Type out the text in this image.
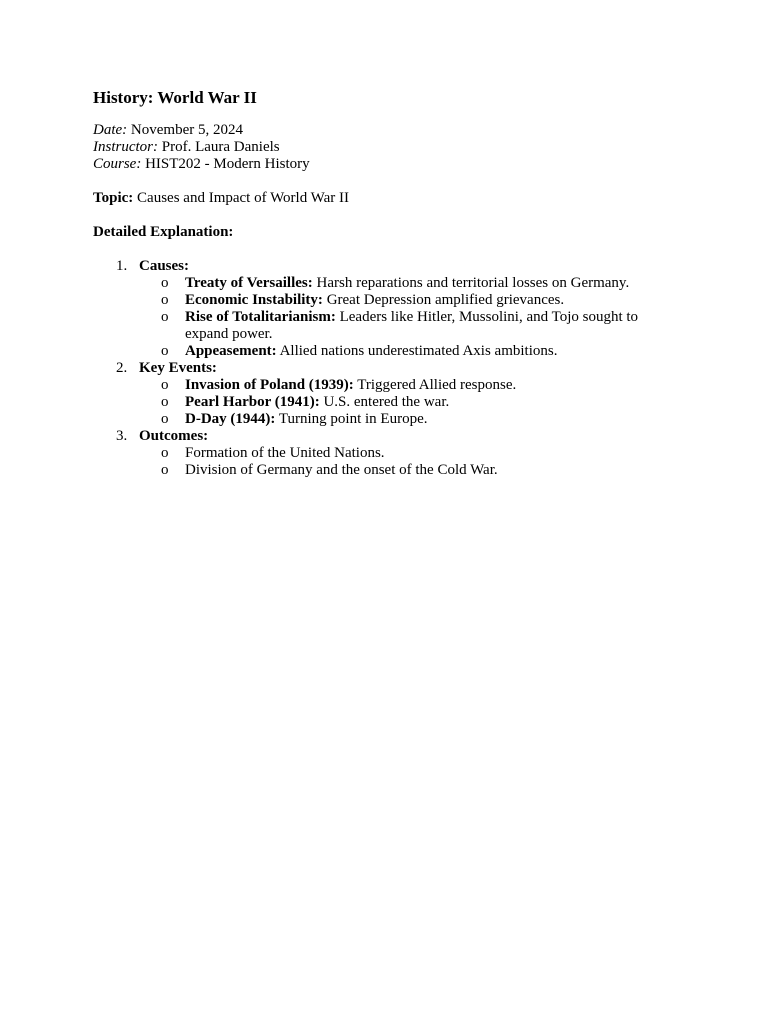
History: World War II

Date: November 5, 2024

Instructor: Prof. Laura Daniels

Course: HIST202 - Modern History

Topic: Causes and Impact of World War II

Detailed Explanation:

1. Causes:
o Treaty of Versailles: Harsh reparations and territorial losses on Germany.
o Economic Instability: Great Depression amplified grievances.
o Rise of Totalitarianism: Leaders like Hitler, Mussolini, and Tojo sought to expand power.
o Appeasement: Allied nations underestimated Axis ambitions.
2. Key Events:
o Invasion of Poland (1939): Triggered Allied response.
o Pearl Harbor (1941): U.S. entered the war.
o D-Day (1944): Turning point in Europe.
3. Outcomes:
o Formation of the United Nations.
o Division of Germany and the onset of the Cold War.
